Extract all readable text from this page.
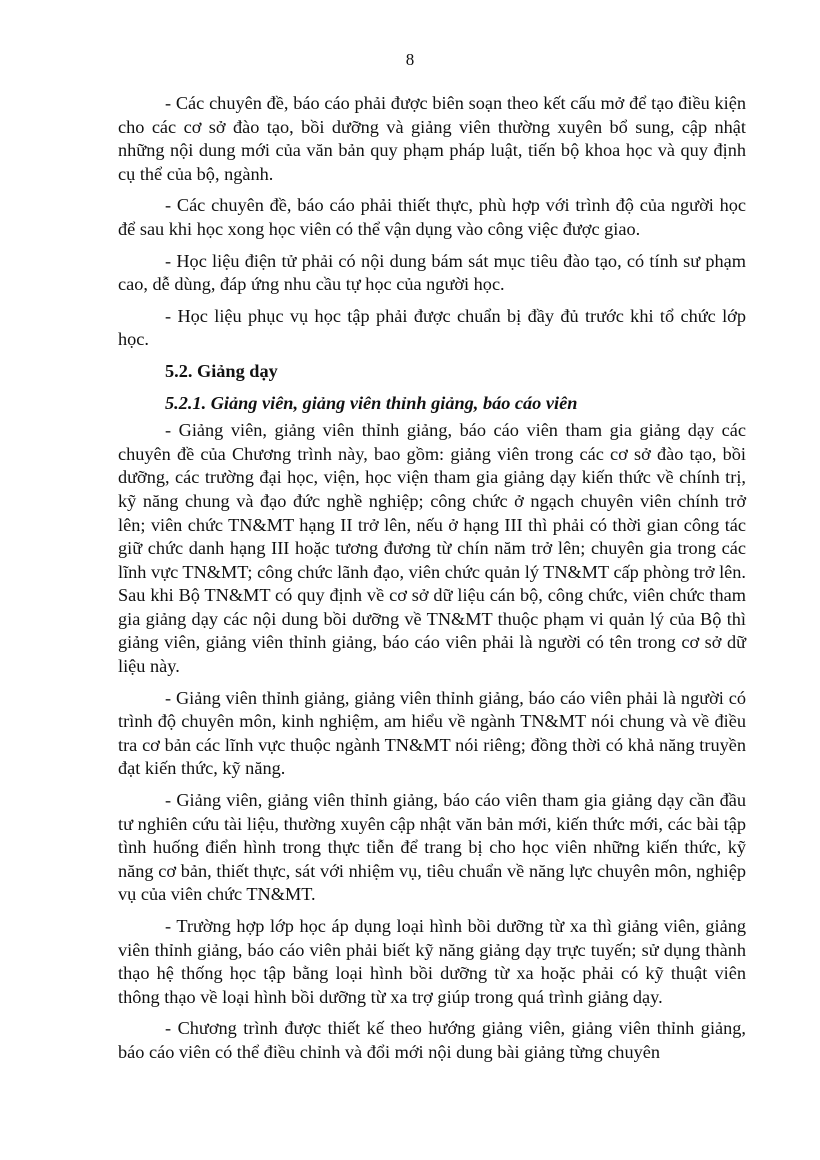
8

- Các chuyên đề, báo cáo phải được biên soạn theo kết cấu mở để tạo điều kiện cho các cơ sở đào tạo, bồi dưỡng và giảng viên thường xuyên bổ sung, cập nhật những nội dung mới của văn bản quy phạm pháp luật, tiến bộ khoa học và quy định cụ thể của bộ, ngành.

- Các chuyên đề, báo cáo phải thiết thực, phù hợp với trình độ của người học để sau khi học xong học viên có thể vận dụng vào công việc được giao.

- Học liệu điện tử phải có nội dung bám sát mục tiêu đào tạo, có tính sư phạm cao, dễ dùng, đáp ứng nhu cầu tự học của người học.

- Học liệu phục vụ học tập phải được chuẩn bị đầy đủ trước khi tổ chức lớp học.

5.2. Giảng dạy

5.2.1. Giảng viên, giảng viên thỉnh giảng, báo cáo viên

- Giảng viên, giảng viên thỉnh giảng, báo cáo viên tham gia giảng dạy các chuyên đề của Chương trình này, bao gồm: giảng viên trong các cơ sở đào tạo, bồi dưỡng, các trường đại học, viện, học viện tham gia giảng dạy kiến thức về chính trị, kỹ năng chung và đạo đức nghề nghiệp; công chức ở ngạch chuyên viên chính trở lên; viên chức TN&MT hạng II trở lên, nếu ở hạng III thì phải có thời gian công tác giữ chức danh hạng III hoặc tương đương từ chín năm trở lên; chuyên gia trong các lĩnh vực TN&MT; công chức lãnh đạo, viên chức quản lý TN&MT cấp phòng trở lên. Sau khi Bộ TN&MT có quy định về cơ sở dữ liệu cán bộ, công chức, viên chức tham gia giảng dạy các nội dung bồi dưỡng về TN&MT thuộc phạm vi quản lý của Bộ thì giảng viên, giảng viên thỉnh giảng, báo cáo viên phải là người có tên trong cơ sở dữ liệu này.

- Giảng viên thỉnh giảng, giảng viên thỉnh giảng, báo cáo viên phải là người có trình độ chuyên môn, kinh nghiệm, am hiểu về ngành TN&MT nói chung và về điều tra cơ bản các lĩnh vực thuộc ngành TN&MT nói riêng; đồng thời có khả năng truyền đạt kiến thức, kỹ năng.

- Giảng viên, giảng viên thỉnh giảng, báo cáo viên tham gia giảng dạy cần đầu tư nghiên cứu tài liệu, thường xuyên cập nhật văn bản mới, kiến thức mới, các bài tập tình huống điển hình trong thực tiễn để trang bị cho học viên những kiến thức, kỹ năng cơ bản, thiết thực, sát với nhiệm vụ, tiêu chuẩn về năng lực chuyên môn, nghiệp vụ của viên chức TN&MT.

- Trường hợp lớp học áp dụng loại hình bồi dưỡng từ xa thì giảng viên, giảng viên thỉnh giảng, báo cáo viên phải biết kỹ năng giảng dạy trực tuyến; sử dụng thành thạo hệ thống học tập bằng loại hình bồi dưỡng từ xa hoặc phải có kỹ thuật viên thông thạo về loại hình bồi dưỡng từ xa trợ giúp trong quá trình giảng dạy.

- Chương trình được thiết kế theo hướng giảng viên, giảng viên thỉnh giảng, báo cáo viên có thể điều chỉnh và đổi mới nội dung bài giảng từng chuyên
